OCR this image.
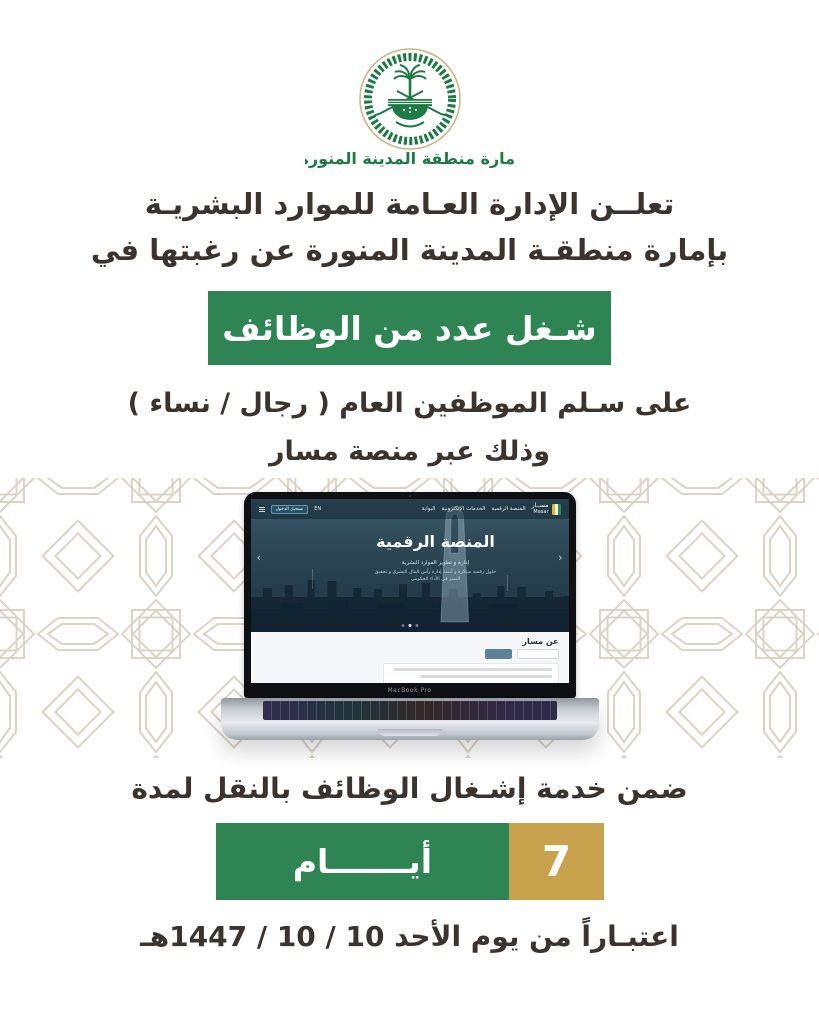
إمارة منطقة المدينة المنورة
تعلــن الإدارة العـامة للموارد البشريـة
بإمارة منطقـة المدينة المنورة عن رغبتها في
شـغل عدد من الوظائف
على سـلم الموظفين العام ( رجال / نساء )
وذلك عبر منصة مسار
تسجيل الدخول	EN	البوابة الخدمات الإلكترونية المنصة الرقمية
مســار
Masar
المنصة الرقمية
إدارة و تطوير الموارد البشرية
حلول رقمية مبتكرة و أتمتة إدارة رأس المال البشري و تحقيق
التميز في الأداء الحكومي
‹	›
عن مسار
MacBook Pro
ضمن خدمة إشـغال الوظائف بالنقل لمدة
أيـــــــام	7
اعتبـاراً من يوم الأحد 10 / 10 / 1447هـ
